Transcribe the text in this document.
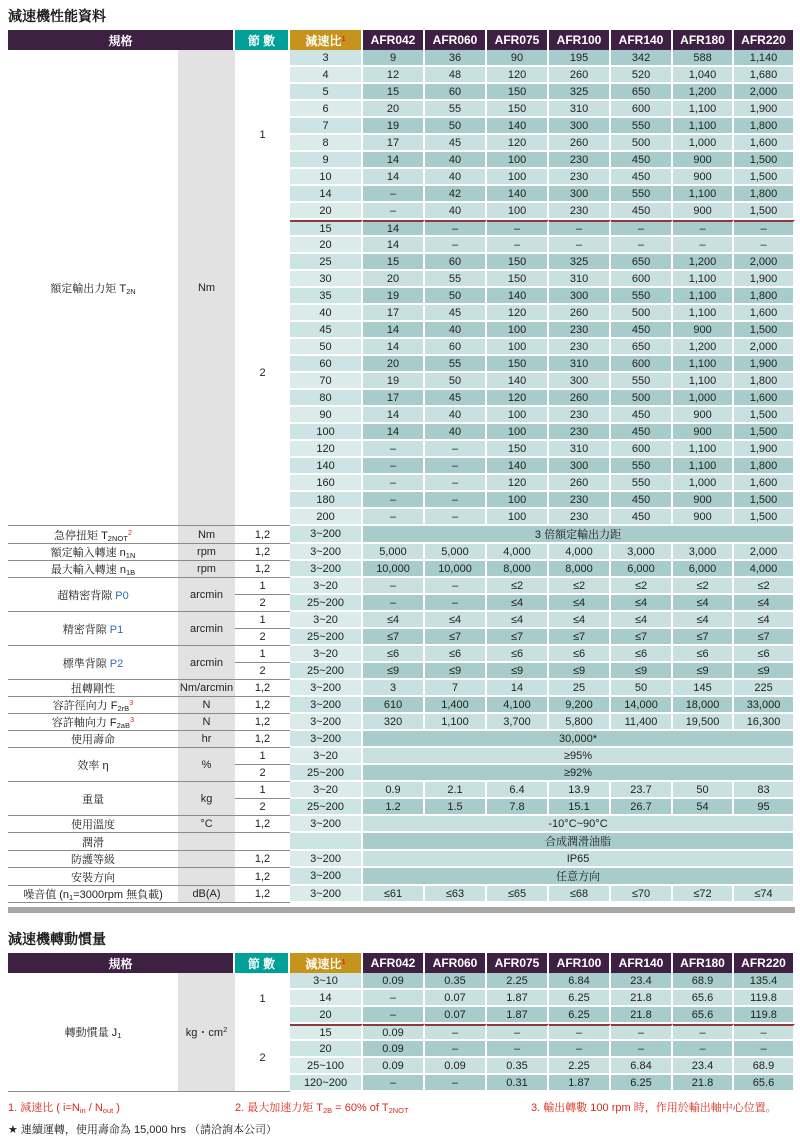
減速機性能資料
規格		節 數	減速比$^1$	AFR042	AFR060	AFR075	AFR100	AFR140	AFR180	AFR220
額定輸出力矩 T2N	Nm	1	3	9	36	90	195	342	588	1,140
			4	12	48	120	260	520	1,040	1,680
			5	15	60	150	325	650	1,200	2,000
			6	20	55	150	310	600	1,100	1,900
			7	19	50	140	300	550	1,100	1,800
			8	17	45	120	260	500	1,000	1,600
			9	14	40	100	230	450	900	1,500
			10	14	40	100	230	450	900	1,500
			14	–	42	140	300	550	1,100	1,800
			20	–	40	100	230	450	900	1,500
		2	15	14	–	–	–	–	–	–
			20	14	–	–	–	–	–	–
			25	15	60	150	325	650	1,200	2,000
			30	20	55	150	310	600	1,100	1,900
			35	19	50	140	300	550	1,100	1,800
			40	17	45	120	260	500	1,100	1,600
			45	14	40	100	230	450	900	1,500
			50	14	60	100	230	650	1,200	2,000
			60	20	55	150	310	600	1,100	1,900
			70	19	50	140	300	550	1,100	1,800
			80	17	45	120	260	500	1,000	1,600
			90	14	40	100	230	450	900	1,500
			100	14	40	100	230	450	900	1,500
			120	–	–	150	310	600	1,100	1,900
			140	–	–	140	300	550	1,100	1,800
			160	–	–	120	260	550	1,000	1,600
			180	–	–	100	230	450	900	1,500
			200	–	–	100	230	450	900	1,500
急停扭矩 T2NOT$^2$	Nm	1,2	3~200	3 倍額定輸出力距						
額定輸入轉速 n1N	rpm	1,2	3~200	5,000	5,000	4,000	4,000	3,000	3,000	2,000
最大輸入轉速 n1B	rpm	1,2	3~200	10,000	10,000	8,000	8,000	6,000	6,000	4,000
超精密背隙 P0	arcmin	1	3~20	–	–	≤2	≤2	≤2	≤2	≤2
		2	25~200	–	–	≤4	≤4	≤4	≤4	≤4
精密背隙 P1	arcmin	1	3~20	≤4	≤4	≤4	≤4	≤4	≤4	≤4
		2	25~200	≤7	≤7	≤7	≤7	≤7	≤7	≤7
標準背隙 P2	arcmin	1	3~20	≤6	≤6	≤6	≤6	≤6	≤6	≤6
		2	25~200	≤9	≤9	≤9	≤9	≤9	≤9	≤9
扭轉剛性	Nm/arcmin	1,2	3~200	3	7	14	25	50	145	225
容許徑向力 $F2rB^3$	N	1,2	3~200	610	1,400	4,100	9,200	14,000	18,000	33,000
容許軸向力 $F2aB^3$	N	1,2	3~200	320	1,100	3,700	5,800	11,400	19,500	16,300
使用壽命	hr	1,2	3~200	30,000*						
效率 η	%	1	3~20	≥95%						
		2	25~200	≥92%						
重量	kg	1	3~20	0.9	2.1	6.4	13.9	23.7	50	83
		2	25~200	1.2	1.5	7.8	15.1	26.7	54	95
使用溫度	°C	1,2	3~200	-10°C~90°C						
潤滑				合成潤滑油脂						
防護等級		1,2	3~200	IP65						
安裝方向		1,2	3~200	任意方向						
噪音值 (n1=3000rpm 無負載)	dB(A)	1,2	3~200	≤61	≤63	≤65	≤68	≤70	≤72	≤74
減速機轉動慣量
規格		節 數	減速比$^1$	AFR042	AFR060	AFR075	AFR100	AFR140	AFR180	AFR220
轉動慣量 J1	kg・$cm^2$	1	3~10	0.09	0.35	2.25	6.84	23.4	68.9	135.4
			14	–	0.07	1.87	6.25	21.8	65.6	119.8
			20	–	0.07	1.87	6.25	21.8	65.6	119.8
		2	15	0.09	–	–	–	–	–	–
			20	0.09	–	–	–	–	–	–
			25~100	0.09	0.09	0.35	2.25	6.84	23.4	68.9
			120~200	–	–	0.31	1.87	6.25	21.8	65.6
1. 減速比 ( i=Nin / Nout )	2. 最大加速力矩 T2B = 60% of T2NOT	3. 輸出轉數 100 rpm 時，作用於輸出軸中心位置。
★ 連續運轉，使用壽命為 15,000 hrs （請洽詢本公司）
